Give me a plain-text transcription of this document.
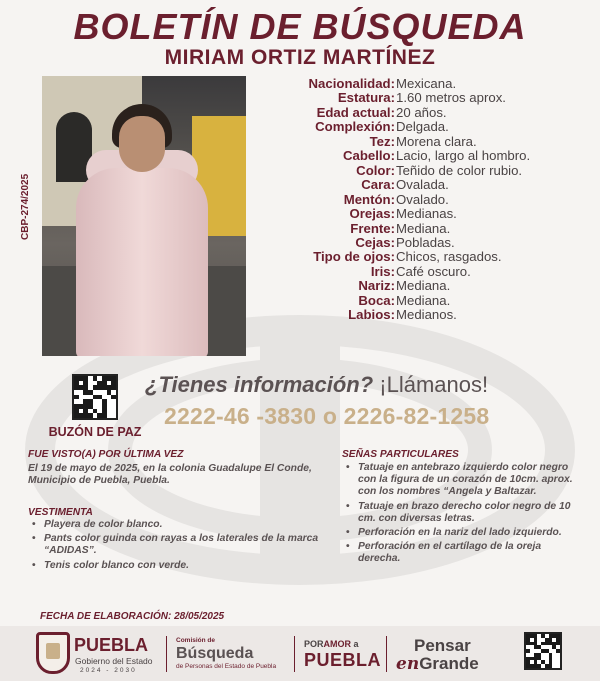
BOLETÍN DE BÚSQUEDA
MIRIAM ORTIZ MARTÍNEZ
CBP-274/2025
Nacionalidad: Mexicana.
Estatura: 1.60 metros aprox.
Edad actual: 20 años.
Complexión: Delgada.
Tez: Morena clara.
Cabello: Lacio, largo al hombro.
Color: Teñido de color rubio.
Cara: Ovalada.
Mentón: Ovalado.
Orejas: Medianas.
Frente: Mediana.
Cejas: Pobladas.
Tipo de ojos: Chicos, rasgados.
Iris: Café oscuro.
Nariz: Mediana.
Boca: Mediana.
Labios: Medianos.
BUZÓN DE PAZ
¿Tienes información? ¡Llámanos!
2222-46 -3830 o 2226-82-1258
FUE VISTO(A) POR ÚLTIMA VEZ
El 19 de mayo de 2025, en la colonia Guadalupe El Conde, Municipio de Puebla, Puebla.
VESTIMENTA
• Playera de color blanco.
• Pants color guinda con rayas a los laterales de la marca “ADIDAS”.
• Tenis color blanco con verde.
SEÑAS PARTICULARES
• Tatuaje en antebrazo izquierdo color negro con la figura de un corazón de 10cm. aprox. con los nombres “Angela y Baltazar.
• Tatuaje en brazo derecho color negro de 10 cm. con diversas letras.
• Perforación en la nariz del lado izquierdo.
• Perforación en el cartílago de la oreja derecha.
FECHA DE ELABORACIÓN: 28/05/2025
PUEBLA
Gobierno del Estado
2024 - 2030
Comisión de
Búsqueda
de Personas del Estado de Puebla
PORAMOR a
PUEBLA
Pensar
enGrande
